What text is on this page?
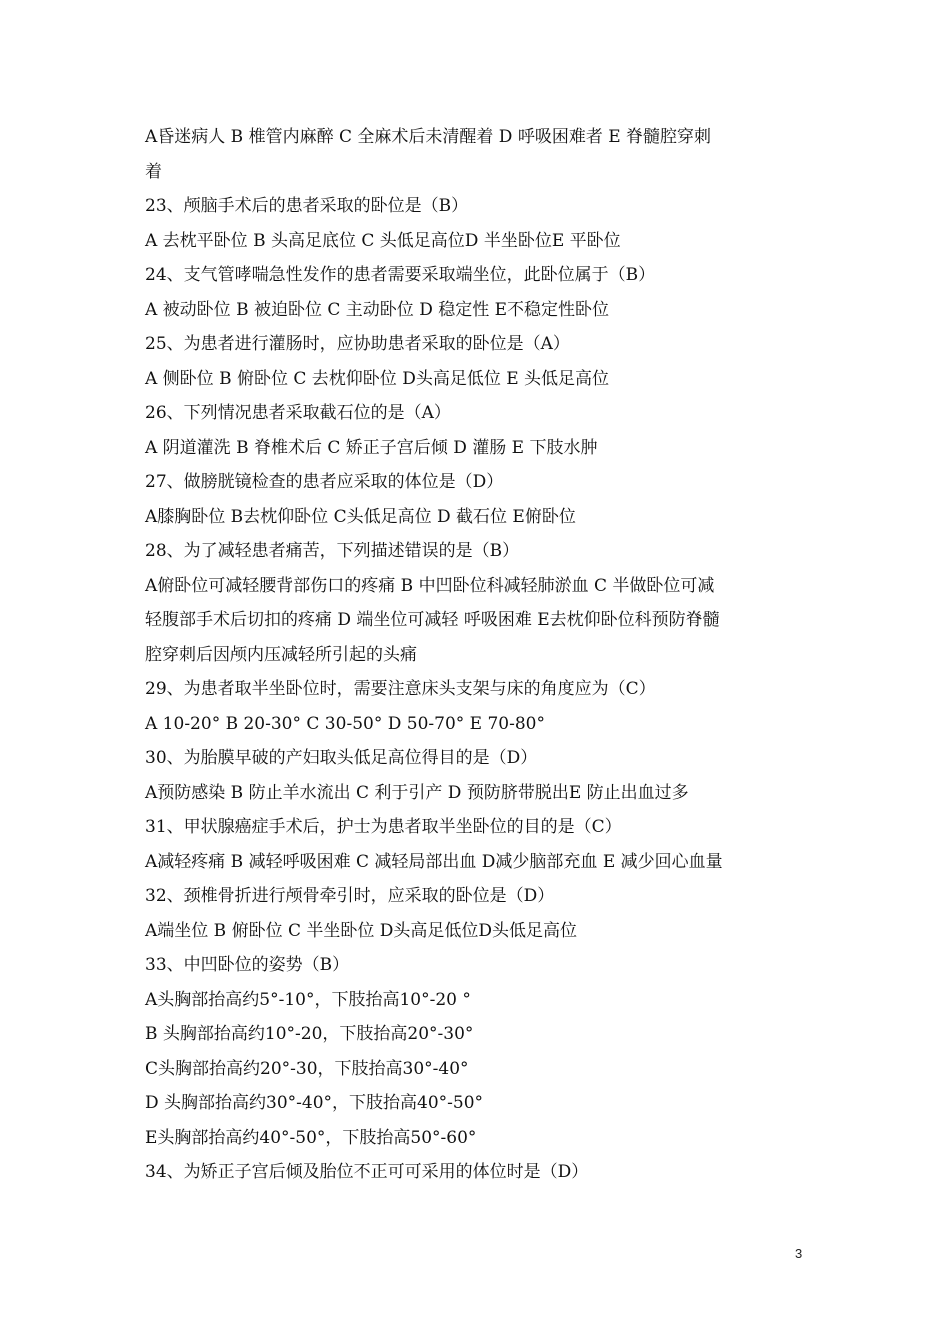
A昏迷病人 B 椎管内麻醉 C 全麻术后未清醒着 D 呼吸困难者 E 脊髓腔穿刺
着
23、颅脑手术后的患者采取的卧位是（B）
A 去枕平卧位 B 头高足底位 C 头低足高位D 半坐卧位E 平卧位
24、支气管哮喘急性发作的患者需要采取端坐位，此卧位属于（B）
A 被动卧位 B 被迫卧位 C 主动卧位 D 稳定性 E不稳定性卧位
25、为患者进行灌肠时，应协助患者采取的卧位是（A）
A 侧卧位 B 俯卧位 C 去枕仰卧位 D头高足低位 E 头低足高位
26、下列情况患者采取截石位的是（A）
A 阴道灌洗 B 脊椎术后 C 矫正子宫后倾 D 灌肠 E 下肢水肿
27、做膀胱镜检查的患者应采取的体位是（D）
A膝胸卧位 B去枕仰卧位 C头低足高位 D 截石位 E俯卧位
28、为了减轻患者痛苦，下列描述错误的是（B）
A俯卧位可减轻腰背部伤口的疼痛 B 中凹卧位科减轻肺淤血 C 半做卧位可减
轻腹部手术后切扣的疼痛 D 端坐位可减轻 呼吸困难 E去枕仰卧位科预防脊髓
腔穿刺后因颅内压减轻所引起的头痛
29、为患者取半坐卧位时，需要注意床头支架与床的角度应为（C）
A 10-20° B 20-30° C 30-50° D 50-70° E 70-80°
30、为胎膜早破的产妇取头低足高位得目的是（D）
A预防感染 B 防止羊水流出 C 利于引产 D 预防脐带脱出E 防止出血过多
31、甲状腺癌症手术后，护士为患者取半坐卧位的目的是（C）
A减轻疼痛 B 减轻呼吸困难 C 减轻局部出血 D减少脑部充血 E 减少回心血量
32、颈椎骨折进行颅骨牵引时，应采取的卧位是（D）
A端坐位 B 俯卧位 C 半坐卧位 D头高足低位D头低足高位
33、中凹卧位的姿势（B）
A头胸部抬高约5°-10°，下肢抬高10°-20 °
B 头胸部抬高约10°-20，下肢抬高20°-30°
C头胸部抬高约20°-30，下肢抬高30°-40°
D 头胸部抬高约30°-40°，下肢抬高40°-50°
E头胸部抬高约40°-50°，下肢抬高50°-60°
34、为矫正子宫后倾及胎位不正可可采用的体位时是（D）
3
